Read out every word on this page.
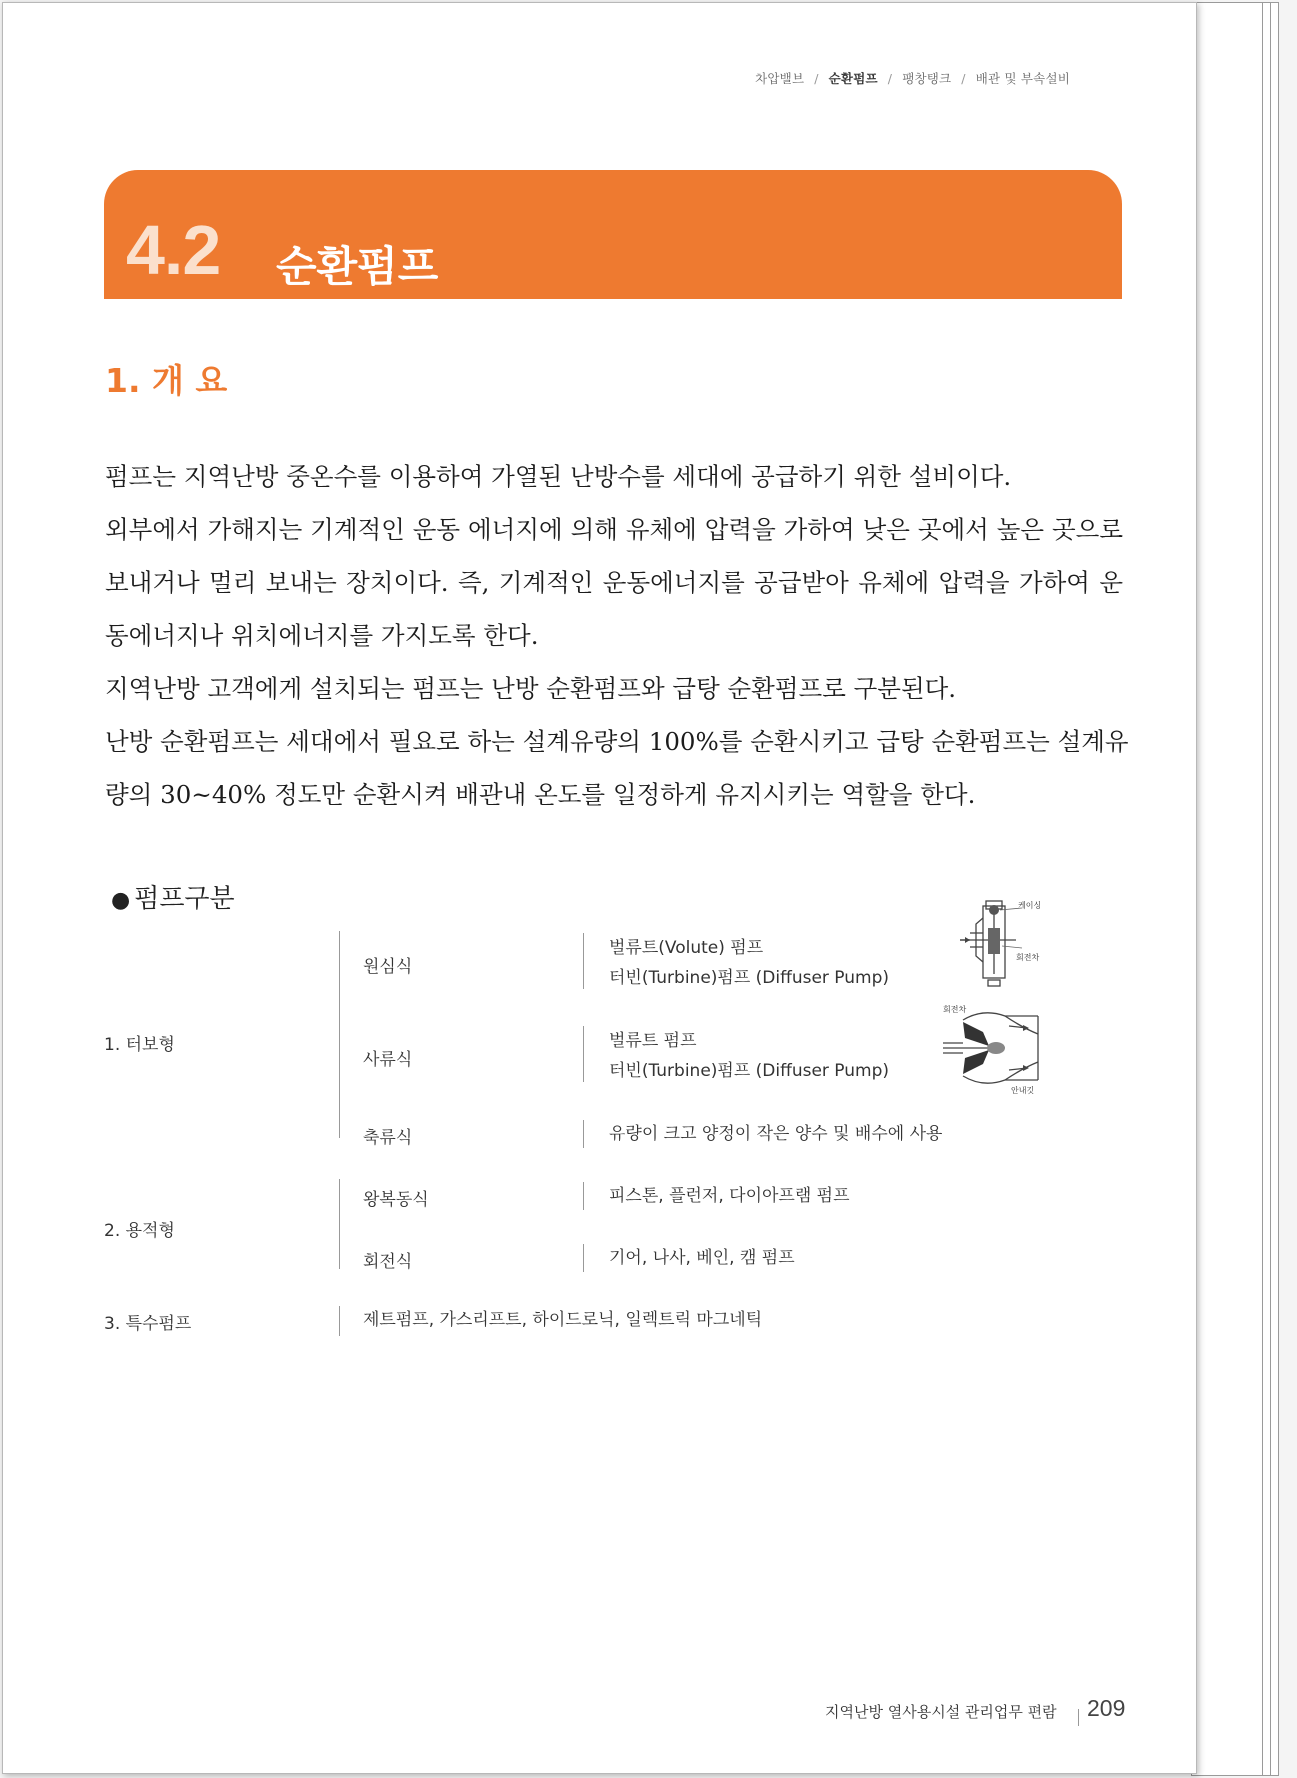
차압밸브 / 순환펌프 / 팽창탱크 / 배관 및 부속설비
4.2 순환펌프
1. 개 요
펌프는 지역난방 중온수를 이용하여 가열된 난방수를 세대에 공급하기 위한 설비이다.
외부에서 가해지는 기계적인 운동 에너지에 의해 유체에 압력을 가하여 낮은 곳에서 높은 곳으로
보내거나 멀리 보내는 장치이다. 즉, 기계적인 운동에너지를 공급받아 유체에 압력을 가하여 운
동에너지나 위치에너지를 가지도록 한다.
지역난방 고객에게 설치되는 펌프는 난방 순환펌프와 급탕 순환펌프로 구분된다.
난방 순환펌프는 세대에서 필요로 하는 설계유량의 100%를 순환시키고 급탕 순환펌프는 설계유
량의 30~40% 정도만 순환시켜 배관내 온도를 일정하게 유지시키는 역할을 한다.
● 펌프구분
1. 터보형
2. 용적형
3. 특수펌프
원심식
사류식
축류식
왕복동식
회전식
벌류트(Volute) 펌프
터빈(Turbine)펌프 (Diffuser Pump)
벌류트 펌프
터빈(Turbine)펌프 (Diffuser Pump)
유량이 크고 양정이 작은 양수 및 배수에 사용
피스톤, 플런저, 다이아프램 펌프
기어, 나사, 베인, 캠 펌프
제트펌프, 가스리프트, 하이드로닉, 일렉트릭 마그네틱
케이싱
회전차
회전차
안내깃
지역난방 열사용시설 관리업무 편람 209
